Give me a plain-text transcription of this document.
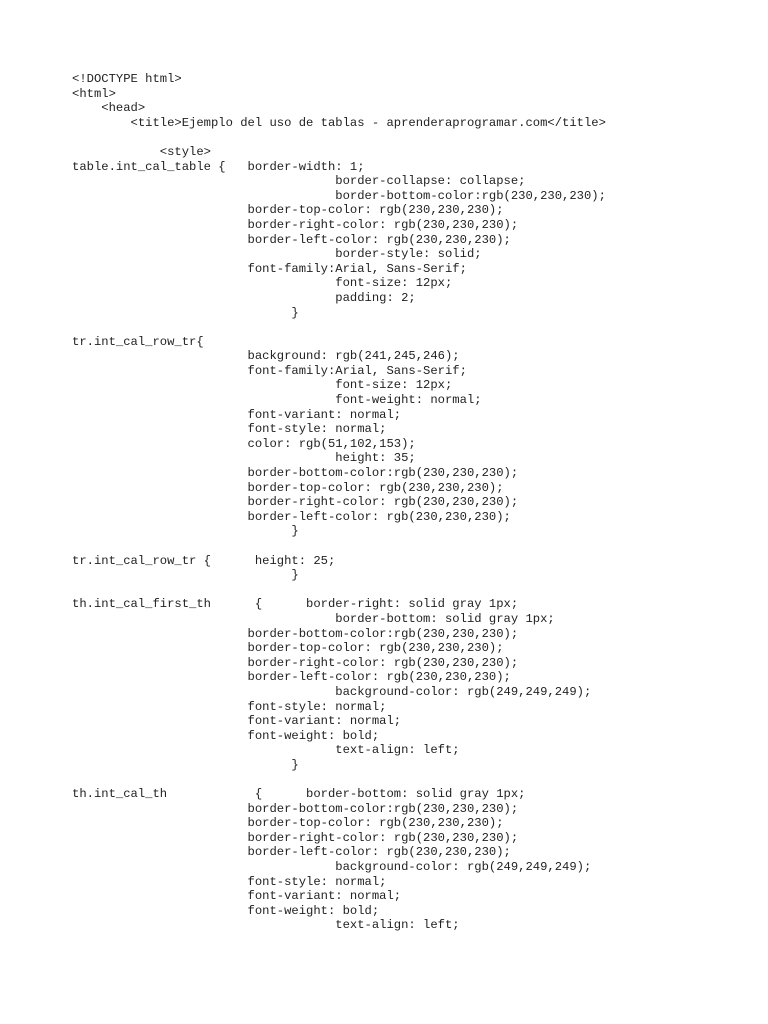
<!DOCTYPE html>
<html>
<head>
<title>Ejemplo del uso de tablas - aprenderaprogramar.com</title>
<style>
table.int_cal_table {   border-width: 1;
border-collapse: collapse;
border-bottom-color:rgb(230,230,230);
border-top-color: rgb(230,230,230);
border-right-color: rgb(230,230,230);
border-left-color: rgb(230,230,230);
border-style: solid;
font-family:Arial, Sans-Serif;
font-size: 12px;
padding: 2;
}
tr.int_cal_row_tr{
background: rgb(241,245,246);
font-family:Arial, Sans-Serif;
font-size: 12px;
font-weight: normal;
font-variant: normal;
font-style: normal;
color: rgb(51,102,153);
height: 35;
border-bottom-color:rgb(230,230,230);
border-top-color: rgb(230,230,230);
border-right-color: rgb(230,230,230);
border-left-color: rgb(230,230,230);
}
tr.int_cal_row_tr {      height: 25;
}
th.int_cal_first_th      {      border-right: solid gray 1px;
border-bottom: solid gray 1px;
border-bottom-color:rgb(230,230,230);
border-top-color: rgb(230,230,230);
border-right-color: rgb(230,230,230);
border-left-color: rgb(230,230,230);
background-color: rgb(249,249,249);
font-style: normal;
font-variant: normal;
font-weight: bold;
text-align: left;
}
th.int_cal_th            {      border-bottom: solid gray 1px;
border-bottom-color:rgb(230,230,230);
border-top-color: rgb(230,230,230);
border-right-color: rgb(230,230,230);
border-left-color: rgb(230,230,230);
background-color: rgb(249,249,249);
font-style: normal;
font-variant: normal;
font-weight: bold;
text-align: left;
